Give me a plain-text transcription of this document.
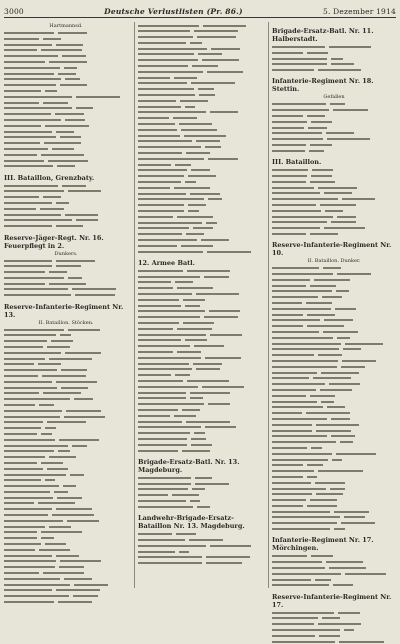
3000	Deutsche Verlustlisten (Pr. 86.)	5. Dezember 1914
Hartmannsd.
III. Bataillon, Grenzbaty.
Reserve-Jäger-Regt. Nr. 16. Feuerpflegt in 2.
Dunkers.
Reserve-Infanterie-Regiment Nr. 13.
II. Bataillon. Stöcken.
12. Armee Batl.
Brigade-Ersatz-Batl. Nr. 13. Magdeburg.
Landwehr-Brigade-Ersatz-Bataillon Nr. 13. Magdeburg.
Brigade-Ersatz-Batl. Nr. 11. Halberstadt.
Infanterie-Regiment Nr. 18. Stettin.
Gefallen
III. Bataillon.
Reserve-Infanterie-Regiment Nr. 10.
II. Bataillon. Dunker.
Infanterie-Regiment Nr. 17. Mörchingen.
Reserve-Infanterie-Regiment Nr. 17.
